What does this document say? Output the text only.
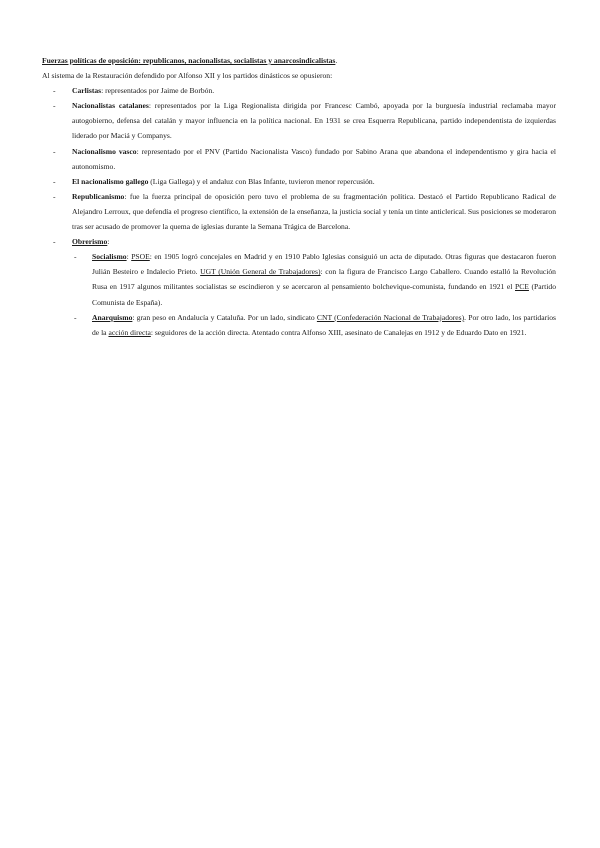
Fuerzas políticas de oposición: republicanos, nacionalistas, socialistas y anarcosindicalistas.

Al sistema de la Restauración defendido por Alfonso XII y los partidos dinásticos se opusieron:

- Carlistas: representados por Jaime de Borbón.
- Nacionalistas catalanes: representados por la Liga Regionalista dirigida por Francesc Cambó, apoyada por la burguesía industrial reclamaba mayor autogobierno, defensa del catalán y mayor influencia en la política nacional. En 1931 se crea Esquerra Republicana, partido independentista de izquierdas liderado por Maciá y Companys.
- Nacionalismo vasco: representado por el PNV (Partido Nacionalista Vasco) fundado por Sabino Arana que abandona el independentismo y gira hacia el autonomismo.
- El nacionalismo gallego (Liga Gallega) y el andaluz con Blas Infante, tuvieron menor repercusión.
- Republicanismo: fue la fuerza principal de oposición pero tuvo el problema de su fragmentación política. Destacó el Partido Republicano Radical de Alejandro Lerroux, que defendía el progreso científico, la extensión de la enseñanza, la justicia social y tenía un tinte anticlerical. Sus posiciones se moderaron tras ser acusado de promover la quema de iglesias durante la Semana Trágica de Barcelona.
- Obrerismo:
- Socialismo: PSOE: en 1905 logró concejales en Madrid y en 1910 Pablo Iglesias consiguió un acta de diputado. Otras figuras que destacaron fueron Julián Besteiro e Indalecio Prieto. UGT (Unión General de Trabajadores): con la figura de Francisco Largo Caballero. Cuando estalló la Revolución Rusa en 1917 algunos militantes socialistas se escindieron y se acercaron al pensamiento bolchevique-comunista, fundando en 1921 el PCE (Partido Comunista de España).
- Anarquismo: gran peso en Andalucía y Cataluña. Por un lado, sindicato CNT (Confederación Nacional de Trabajadores). Por otro lado, los partidarios de la acción directa: seguidores de la acción directa. Atentado contra Alfonso XIII, asesinato de Canalejas en 1912 y de Eduardo Dato en 1921.
